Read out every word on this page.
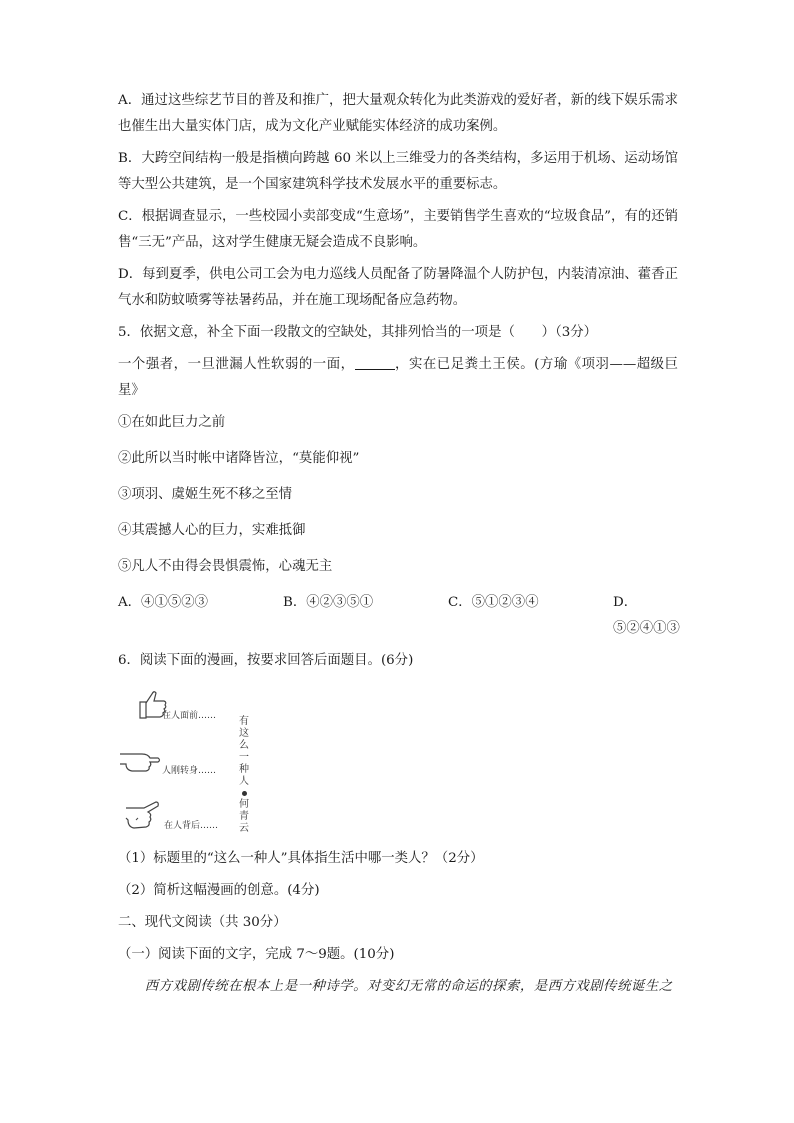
A．通过这些综艺节目的普及和推广，把大量观众转化为此类游戏的爱好者，新的线下娱乐需求也催生出大量实体门店，成为文化产业赋能实体经济的成功案例。

B．大跨空间结构一般是指横向跨越 60 米以上三维受力的各类结构，多运用于机场、运动场馆等大型公共建筑，是一个国家建筑科学技术发展水平的重要标志。

C．根据调查显示，一些校园小卖部变成“生意场”，主要销售学生喜欢的“垃圾食品”，有的还销售“三无”产品，这对学生健康无疑会造成不良影响。

D．每到夏季，供电公司工会为电力巡线人员配备了防暑降温个人防护包，内装清凉油、藿香正气水和防蚊喷雾等祛暑药品，并在施工现场配备应急药物。

5．依据文意，补全下面一段散文的空缺处，其排列恰当的一项是（　　）（3分）

一个强者，一旦泄漏人性软弱的一面，	，实在已足粪土王侯。(方瑜《项羽——超级巨星》

①在如此巨力之前

②此所以当时帐中诸降皆泣，“莫能仰视”

③项羽、虞姬生死不移之至情

④其震撼人心的巨力，实难抵御

⑤凡人不由得会畏惧震怖，心魂无主

A．④①⑤②③	B．④②③⑤①	C．⑤①②③④	D．⑤②④①③

6．阅读下面的漫画，按要求回答后面题目。(6分)

在人面前……
人刚转身……
在人背后……
有
这
么
一
种
人
何
青
云

（1）标题里的“这么一种人”具体指生活中哪一类人？（2分）

（2）简析这幅漫画的创意。(4分)

二、现代文阅读（共 30分）

（一）阅读下面的文字，完成 7～9题。(10分)

西方戏剧传统在根本上是一种诗学。对变幻无常的命运的探索，是西方戏剧传统诞生之
